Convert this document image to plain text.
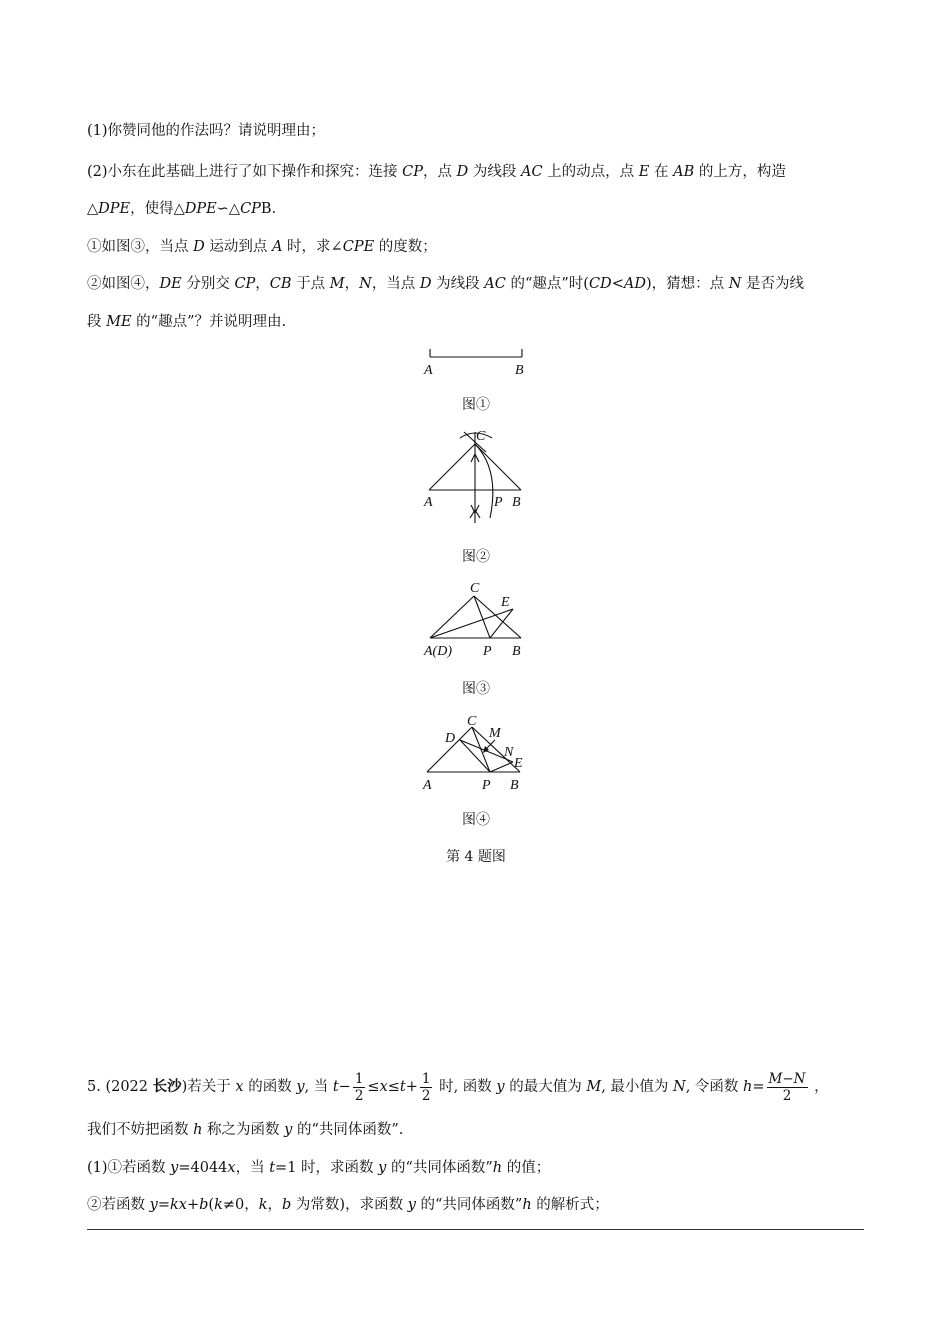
(1)你赞同他的作法吗？请说明理由；
(2)小东在此基础上进行了如下操作和探究：连接 CP，点 D 为线段 AC 上的动点，点 E 在 AB 的上方，构造
△DPE，使得△DPE∽△CPB.
①如图③，当点 D 运动到点 A 时，求∠CPE 的度数；
②如图④，DE 分别交 CP，CB 于点 M，N，当点 D 为线段 AC 的“趣点”时(CD<AD)，猜想：点 N 是否为线
段 ME 的“趣点”？并说明理由.
A	B
图①
C
A	P B
图②
C
E
A(D) P B
图③
C
D M
N
E
A	P B
图④
第 4 题图
5. (2022 长沙)若关于 x 的函数 y, 当 $t- \frac{1}{2} \le x\le t+ \frac{1}{2}$ 时, 函数 y 的最大值为 M, 最小值为 N, 令函数 $h= \frac{M-N}{2}$ ，
我们不妨把函数 h 称之为函数 y 的“共同体函数”.
(1)①若函数 y=4044x，当 t=1 时，求函数 y 的“共同体函数”h 的值；
②若函数 y=kx+b(k≠0，k，b 为常数)，求函数 y 的“共同体函数”h 的解析式；
